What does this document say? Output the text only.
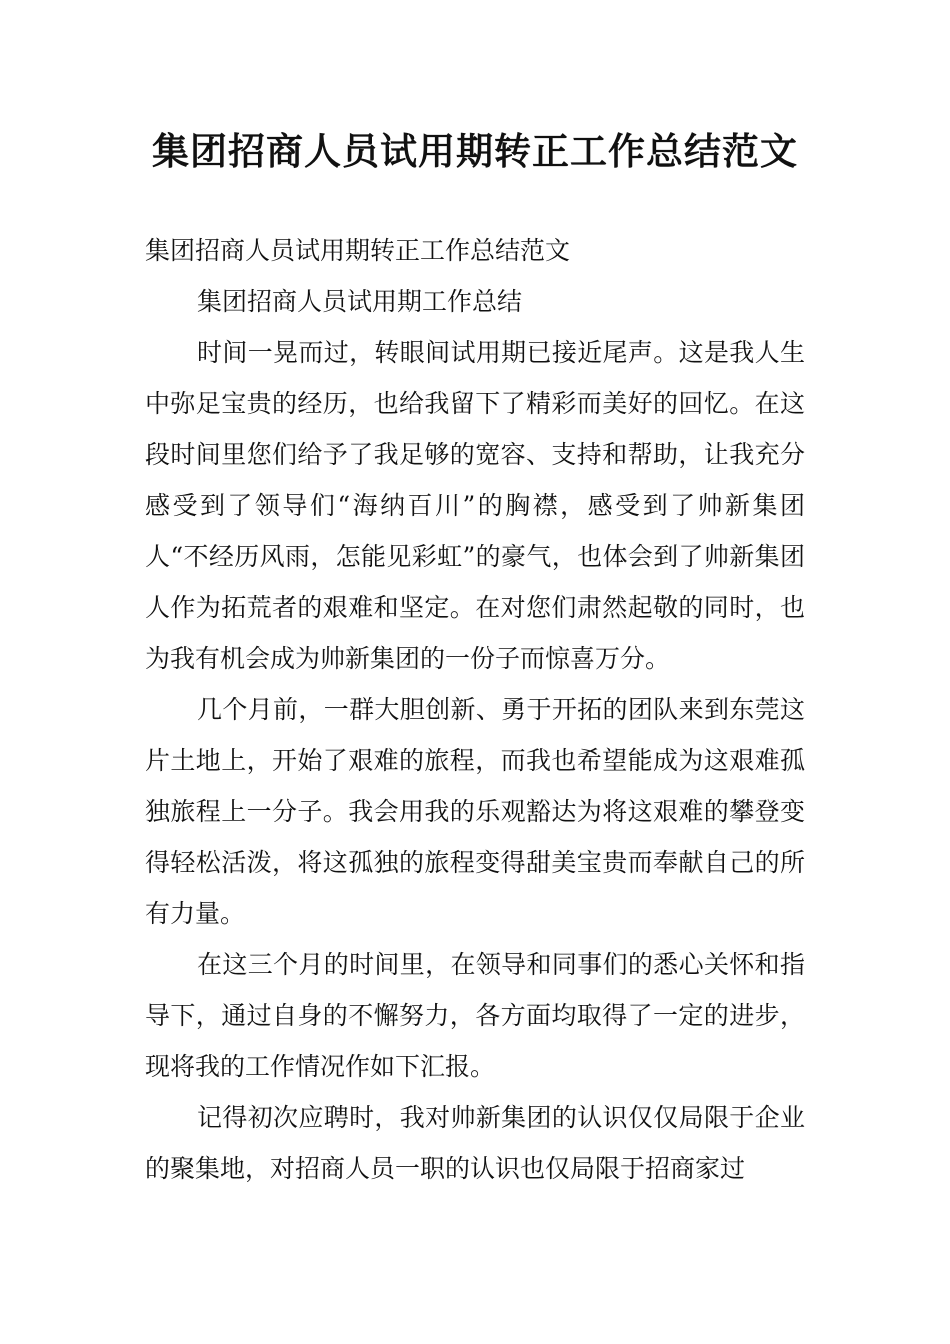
集团招商人员试用期转正工作总结范文

集团招商人员试用期转正工作总结范文

集团招商人员试用期工作总结

时间一晃而过，转眼间试用期已接近尾声。这是我人生中弥足宝贵的经历，也给我留下了精彩而美好的回忆。在这段时间里您们给予了我足够的宽容、支持和帮助，让我充分感受到了领导们“海纳百川”的胸襟，感受到了帅新集团人“不经历风雨，怎能见彩虹”的豪气，也体会到了帅新集团人作为拓荒者的艰难和坚定。在对您们肃然起敬的同时，也为我有机会成为帅新集团的一份子而惊喜万分。

几个月前，一群大胆创新、勇于开拓的团队来到东莞这片土地上，开始了艰难的旅程，而我也希望能成为这艰难孤独旅程上一分子。我会用我的乐观豁达为将这艰难的攀登变得轻松活泼，将这孤独的旅程变得甜美宝贵而奉献自己的所有力量。

在这三个月的时间里，在领导和同事们的悉心关怀和指导下，通过自身的不懈努力，各方面均取得了一定的进步，现将我的工作情况作如下汇报。

记得初次应聘时，我对帅新集团的认识仅仅局限于企业的聚集地，对招商人员一职的认识也仅局限于招商家过
